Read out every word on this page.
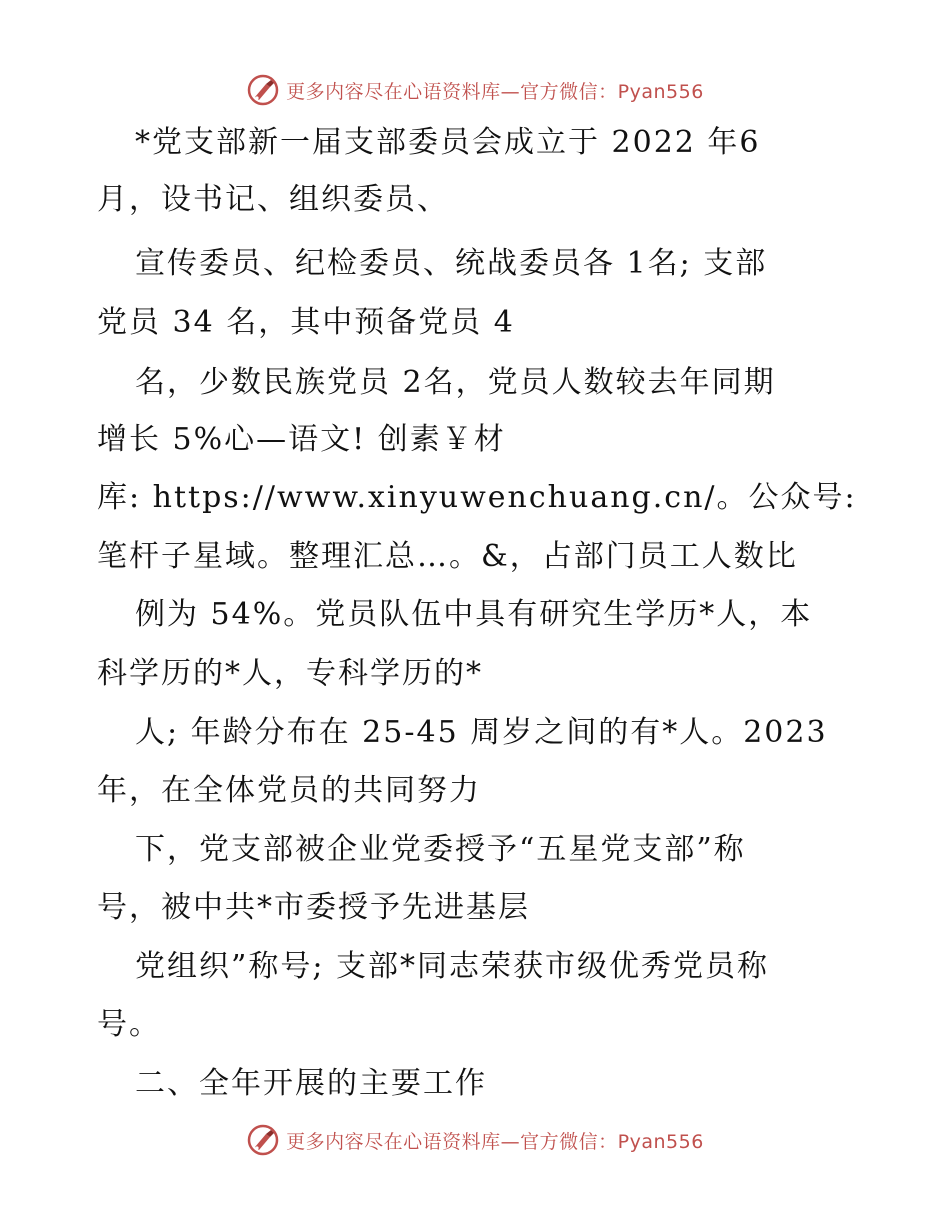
更多内容尽在心语资料库—官方微信：Pyan556
*党支部新一届支部委员会成立于 2022 年6
月，设书记、组织委员、
宣传委员、纪检委员、统战委员各 1名; 支部
党员 34 名，其中预备党员 4
名，少数民族党员 2名，党员人数较去年同期
增长 5%心—语文! 创素￥材
库: https://www.xinyuwenchuang.cn/。公众号:
笔杆子星域。整理汇总…。&，占部门员工人数比
例为 54%。党员队伍中具有研究生学历*人，本
科学历的*人，专科学历的*
人; 年龄分布在 25-45 周岁之间的有*人。2023
年，在全体党员的共同努力
下，党支部被企业党委授予“五星党支部”称
号，被中共*市委授予先进基层
党组织”称号; 支部*同志荣获市级优秀党员称
号。
二、全年开展的主要工作
更多内容尽在心语资料库—官方微信：Pyan556
